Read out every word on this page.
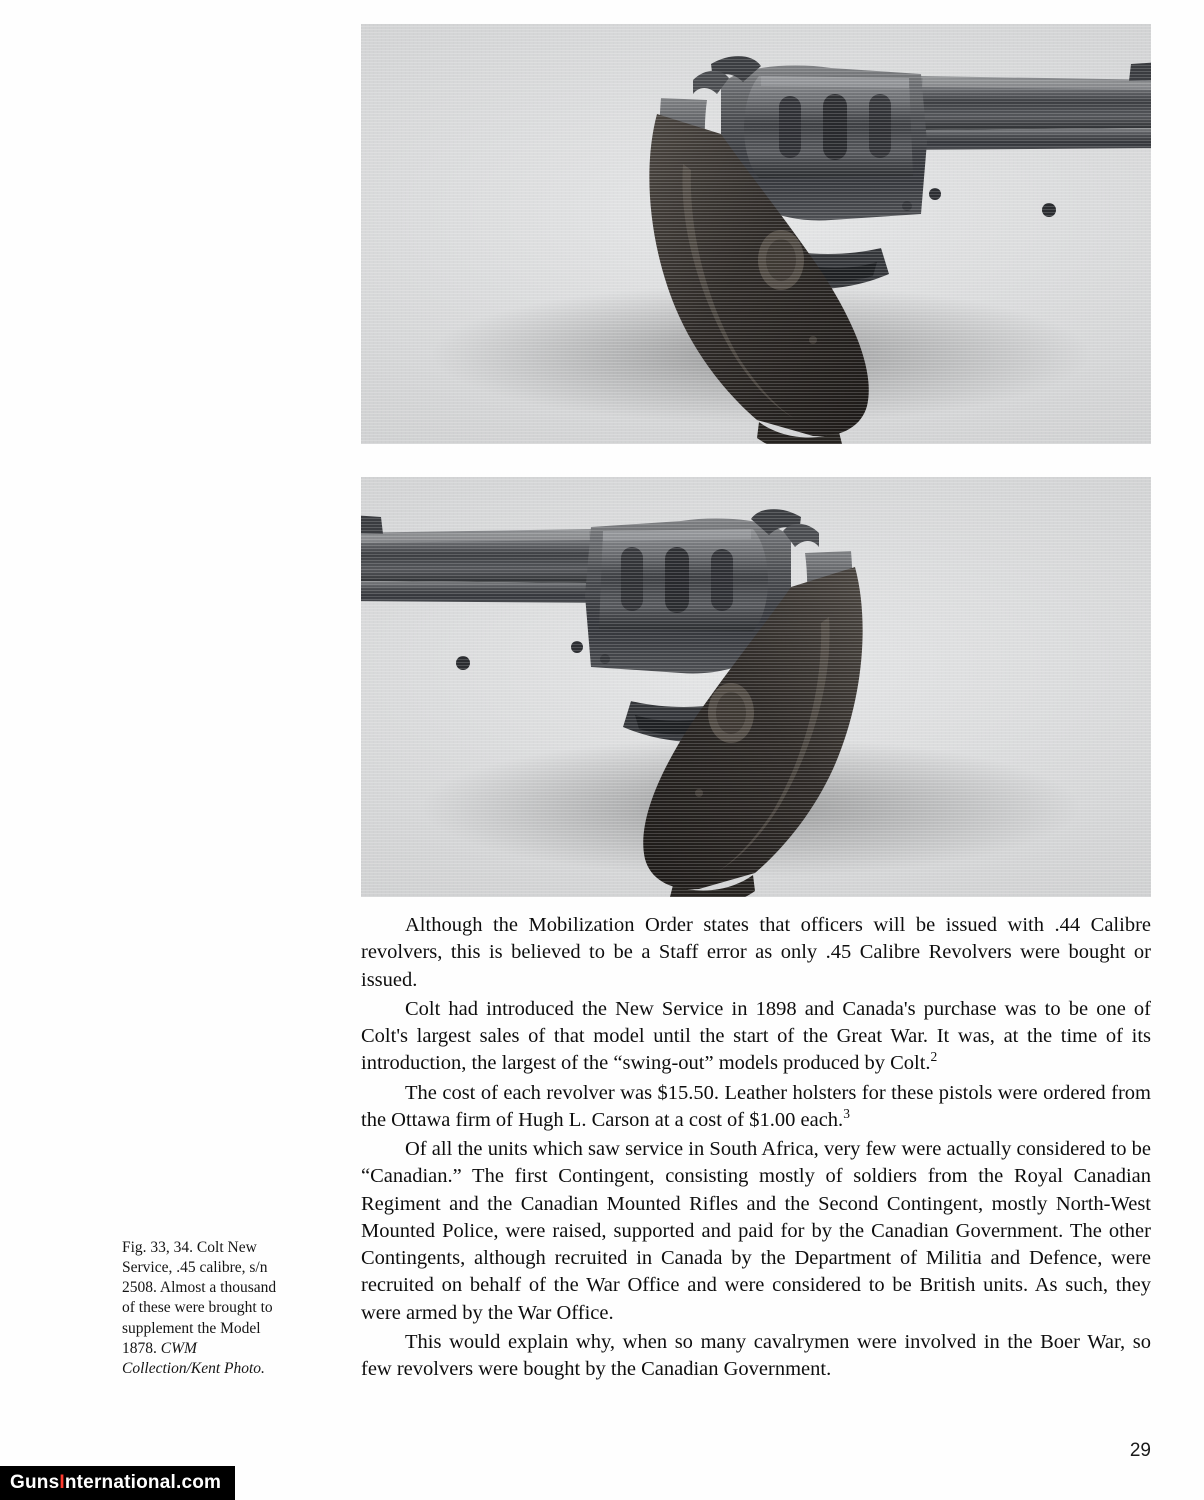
Fig. 33, 34. Colt New
Service, .45 calibre, s/n
2508. Almost a thousand
of these were brought to
supplement the Model
1878. CWM
Collection/Kent Photo.

Although the Mobilization Order states that officers will be issued with .44 Calibre revolvers, this is believed to be a Staff error as only .45 Calibre Revolvers were bought or issued.

Colt had introduced the New Service in 1898 and Canada's purchase was to be one of Colt's largest sales of that model until the start of the Great War. It was, at the time of its introduction, the largest of the “swing-out” models produced by Colt.$^2$

The cost of each revolver was $15.50. Leather holsters for these pistols were ordered from the Ottawa firm of Hugh L. Carson at a cost of $1.00 each.$^3$

Of all the units which saw service in South Africa, very few were actually considered to be “Canadian.” The first Contingent, consisting mostly of soldiers from the Royal Canadian Regiment and the Canadian Mounted Rifles and the Second Contingent, mostly North-West Mounted Police, were raised, supported and paid for by the Canadian Government. The other Contingents, although recruited in Canada by the Department of Militia and Defence, were recruited on behalf of the War Office and were considered to be British units. As such, they were armed by the War Office.

This would explain why, when so many cavalrymen were involved in the Boer War, so few revolvers were bought by the Canadian Government.

29
Guns I nternational.com
